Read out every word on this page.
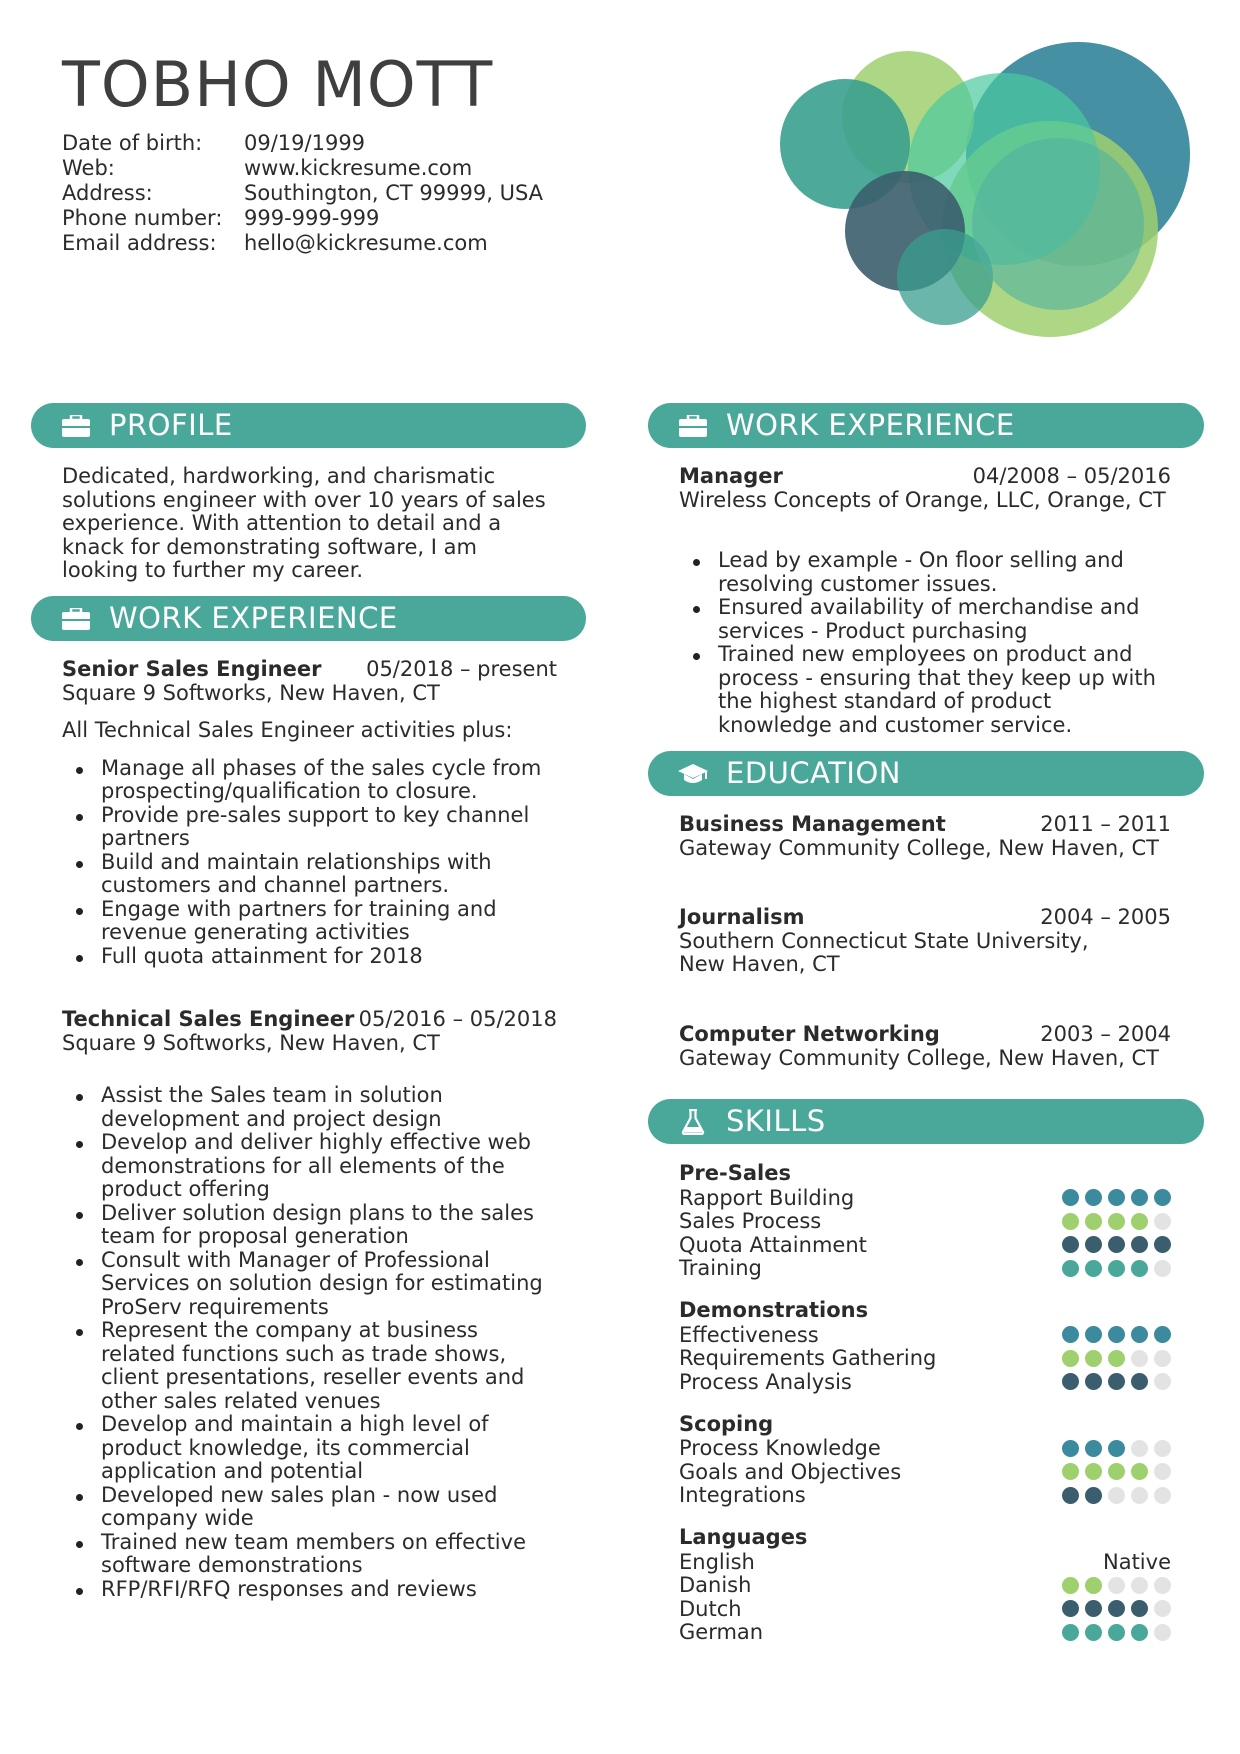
TOBHO MOTT
Date of birth:	09/19/1999
Web:	www.kickresume.com
Address:	Southington, CT 99999, USA
Phone number:	999-999-999
Email address:	hello@kickresume.com
PROFILE
Dedicated, hardworking, and charismatic solutions engineer with over 10 years of sales experience. With attention to detail and a knack for demonstrating software, I am looking to further my career.
WORK EXPERIENCE
Senior Sales Engineer 05/2018 – present
Square 9 Softworks, New Haven, CT
All Technical Sales Engineer activities plus:
Manage all phases of the sales cycle from prospecting/qualification to closure.
Provide pre-sales support to key channel partners
Build and maintain relationships with customers and channel partners.
Engage with partners for training and revenue generating activities
Full quota attainment for 2018
Technical Sales Engineer 05/2016 – 05/2018
Square 9 Softworks, New Haven, CT
Assist the Sales team in solution development and project design
Develop and deliver highly effective web demonstrations for all elements of the product offering
Deliver solution design plans to the sales team for proposal generation
Consult with Manager of Professional Services on solution design for estimating ProServ requirements
Represent the company at business related functions such as trade shows, client presentations, reseller events and other sales related venues
Develop and maintain a high level of product knowledge, its commercial application and potential
Developed new sales plan - now used company wide
Trained new team members on effective software demonstrations
RFP/RFI/RFQ responses and reviews
WORK EXPERIENCE
Manager	04/2008 – 05/2016
Wireless Concepts of Orange, LLC, Orange, CT
Lead by example - On floor selling and resolving customer issues.
Ensured availability of merchandise and services - Product purchasing
Trained new employees on product and process - ensuring that they keep up with the highest standard of product knowledge and customer service.
EDUCATION
Business Management	2011 – 2011
Gateway Community College, New Haven, CT
Journalism	2004 – 2005
Southern Connecticut State University, New Haven, CT
Computer Networking	2003 – 2004
Gateway Community College, New Haven, CT
SKILLS
Pre-Sales
Rapport Building
Sales Process
Quota Attainment
Training
Demonstrations
Effectiveness
Requirements Gathering
Process Analysis
Scoping
Process Knowledge
Goals and Objectives
Integrations
Languages
English	Native
Danish
Dutch
German
